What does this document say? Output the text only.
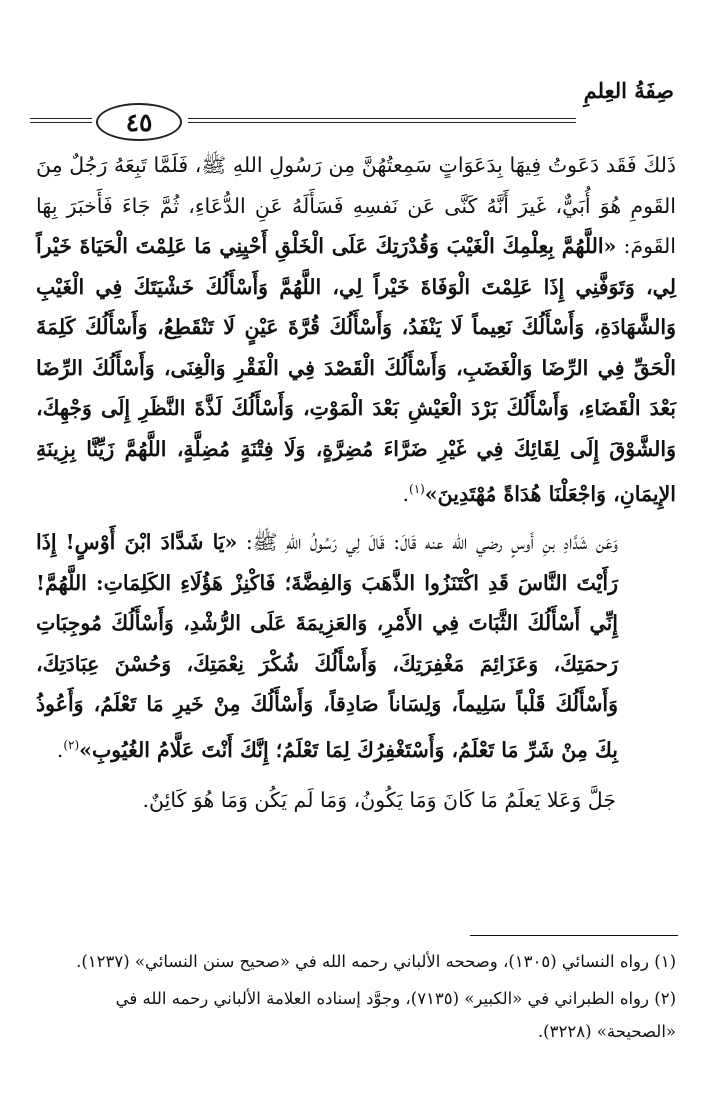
صِفَةُ العِلمِ
٤٥

ذَلكَ فَقَد دَعَوتُ فِيهَا بِدَعَوَاتٍ سَمِعتُهُنَّ مِن رَسُولِ اللهِ ﷺ، فَلَمَّا تَبِعَهُ رَجُلٌ مِنَ القَومِ هُوَ أُبَيٌّ، غَيرَ أَنَّهُ كَنَّى عَن نَفسِهِ فَسَأَلَهُ عَنِ الدُّعَاءِ، ثُمَّ جَاءَ فَأَخبَرَ بِهَا القَومَ: «اللَّهُمَّ بِعِلْمِكَ الْغَيْبَ وَقُدْرَتِكَ عَلَى الْخَلْقِ أَحْيِنِي مَا عَلِمْتَ الْحَيَاةَ خَيْراً لِي، وَتَوَفَّنِي إِذَا عَلِمْتَ الْوَفَاةَ خَيْراً لِي، اللَّهُمَّ وَأَسْأَلُكَ خَشْيَتَكَ فِي الْغَيْبِ وَالشَّهَادَةِ، وَأَسْأَلُكَ نَعِيماً لَا يَنْفَدُ، وَأَسْأَلُكَ قُرَّةَ عَيْنٍ لَا تَنْقَطِعُ، وَأَسْأَلُكَ كَلِمَةَ الْحَقِّ فِي الرِّضَا وَالْغَضَبِ، وَأَسْأَلُكَ الْقَصْدَ فِي الْفَقْرِ وَالْغِنَى، وَأَسْأَلُكَ الرِّضَا بَعْدَ الْقَضَاءِ، وَأَسْأَلُكَ بَرْدَ الْعَيْشِ بَعْدَ الْمَوْتِ، وَأَسْأَلُكَ لَذَّةَ النَّظَرِ إِلَى وَجْهِكَ، وَالشَّوْقَ إِلَى لِقَائِكَ فِي غَيْرِ ضَرَّاءَ مُضِرَّةٍ، وَلَا فِتْنَةٍ مُضِلَّةٍ، اللَّهُمَّ زَيِّنَّا بِزِينَةِ الإِيمَانِ، وَاجْعَلْنَا هُدَاةً مُهْتَدِينَ»$^{(١)}$.

وَعَن شَدَّادِ بنِ أَوسٍ رضي الله عنه قَالَ: قَالَ لِي رَسُولُ اللهِ ﷺ: «يَا شَدَّادَ ابْنَ أَوْسٍ! إِذَا رَأَيْتَ النَّاسَ قَدِ اكْتَنَزُوا الذَّهَبَ وَالفِضَّةَ؛ فَاكْنِزْ هَؤُلَاءِ الكَلِمَاتِ: اللَّهُمَّ! إِنِّي أَسْأَلُكَ الثَّبَاتَ فِي الأَمْرِ، وَالعَزِيمَةَ عَلَى الرُّشْدِ، وَأَسْأَلُكَ مُوجِبَاتِ رَحمَتِكَ، وَعَزَائِمَ مَغْفِرَتِكَ، وَأَسْأَلُكَ شُكْرَ نِعْمَتِكَ، وَحُسْنَ عِبَادَتِكَ، وَأَسْأَلُكَ قَلْباً سَلِيماً، وَلِسَاناً صَادِقاً، وَأَسْأَلُكَ مِنْ خَيرِ مَا تَعْلَمُ، وَأَعُوذُ بِكَ مِنْ شَرِّ مَا تَعْلَمُ، وَأَسْتَغْفِرُكَ لِمَا تَعْلَمُ؛ إِنَّكَ أَنْتَ عَلَّامُ الغُيُوبِ»$^{(٢)}$.

جَلَّ وَعَلا يَعلَمُ مَا كَانَ وَمَا يَكُونُ، وَمَا لَم يَكُن وَمَا هُوَ كَائِنٌ.

(١) رواه النسائي (١٣٠٥)، وصححه الألباني رحمه الله في «صحيح سنن النسائي» (١٢٣٧).

(٢) رواه الطبراني في «الكبير» (٧١٣٥)، وجوَّد إسناده العلامة الألباني رحمه الله في «الصحيحة» (٣٢٢٨).
